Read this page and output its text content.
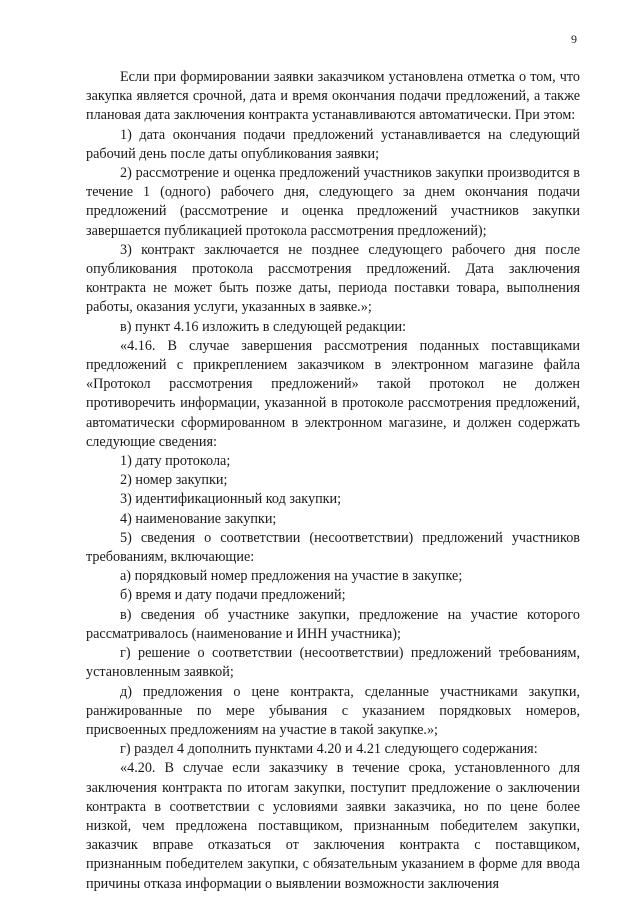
9

Если при формировании заявки заказчиком установлена отметка о том, что закупка является срочной, дата и время окончания подачи предложений, а также плановая дата заключения контракта устанавливаются автоматически. При этом:

1) дата окончания подачи предложений устанавливается на следующий рабочий день после даты опубликования заявки;

2) рассмотрение и оценка предложений участников закупки производится в течение 1 (одного) рабочего дня, следующего за днем окончания подачи предложений (рассмотрение и оценка предложений участников закупки завершается публикацией протокола рассмотрения предложений);

3) контракт заключается не позднее следующего рабочего дня после опубликования протокола рассмотрения предложений. Дата заключения контракта не может быть позже даты, периода поставки товара, выполнения работы, оказания услуги, указанных в заявке.»;

в) пункт 4.16 изложить в следующей редакции:

«4.16. В случае завершения рассмотрения поданных поставщиками предложений с прикреплением заказчиком в электронном магазине файла «Протокол рассмотрения предложений» такой протокол не должен противоречить информации, указанной в протоколе рассмотрения предложений, автоматически сформированном в электронном магазине, и должен содержать следующие сведения:

1) дату протокола;

2) номер закупки;

3) идентификационный код закупки;

4) наименование закупки;

5) сведения о соответствии (несоответствии) предложений участников требованиям, включающие:

а) порядковый номер предложения на участие в закупке;

б) время и дату подачи предложений;

в) сведения об участнике закупки, предложение на участие которого рассматривалось (наименование и ИНН участника);

г) решение о соответствии (несоответствии) предложений требованиям, установленным заявкой;

д) предложения о цене контракта, сделанные участниками закупки, ранжированные по мере убывания с указанием порядковых номеров, присвоенных предложениям на участие в такой закупке.»;

г) раздел 4 дополнить пунктами 4.20 и 4.21 следующего содержания:

«4.20. В случае если заказчику в течение срока, установленного для заключения контракта по итогам закупки, поступит предложение о заключении контракта в соответствии с условиями заявки заказчика, но по цене более низкой, чем предложена поставщиком, признанным победителем закупки, заказчик вправе отказаться от заключения контракта с поставщиком, признанным победителем закупки, с обязательным указанием в форме для ввода причины отказа информации о выявлении возможности заключения
